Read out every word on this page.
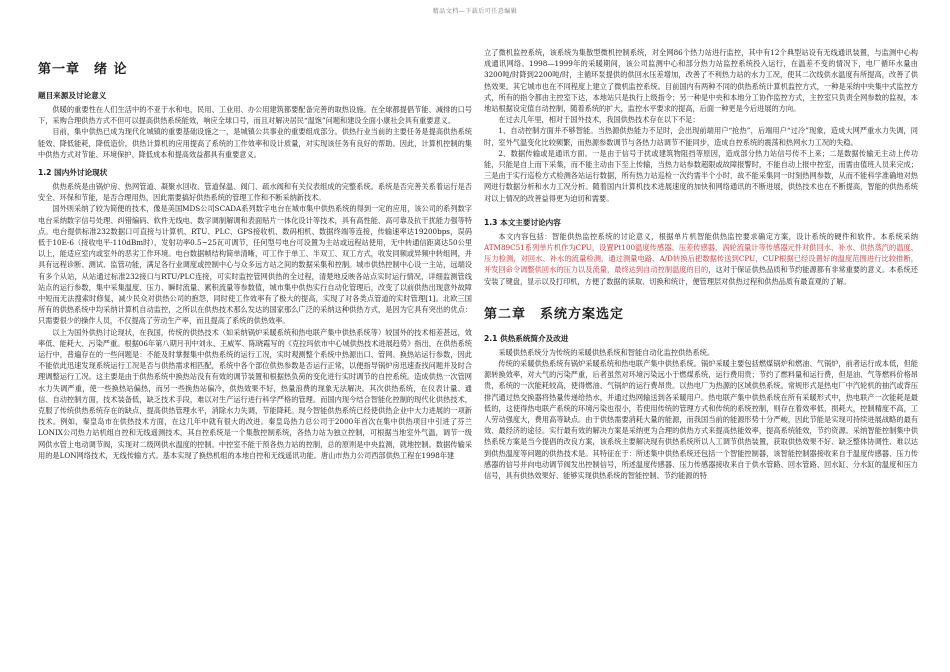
精品文档—下载后可任意编辑
第一章 绪 论
题目来源及讨论意义

供暖的重要性在人们生活中的不亚于水和电，民用、工业用、办公用建筑都要配备完善的取热设施。在全球都提倡节能、减排的口号下，采购合理供热方式不但可以提高供热系统能效，响应全球口号，而且对解决居民“温饱”问题和建设全面小康社会具有重要意义。

目前，集中供热已成为现代化城镇的重要基础设施之一，是城镇公共事业的重要组成部分。供热行业当前的主要任务是提高供热系统能效、降低能耗，降低造价，供热计算机的应用提高了系统的工作效率和设计质量，对实现该任务有良好的帮助。因此，计算机控制的集中供热方式对节能、环境保护、降低成本和提高效益都具有重要意义。

1.2 国内外讨论现状

供热系统是由锅炉房、热网管道、凝聚水回收、管道保温、阀门、疏水阀和有关仪表组成的完整系统。系统是否完善关系着运行是否安全、环保和节能，是否合理用热，因此需要搞好供热系统的管理工作和不断采纳新技术。

国外则采纳了较为简便的技术，像是美国MDS公司SCADA系列数字电台在城市集中供热系统的得到一定的应用，该公司的系列数字电台采纳数字信号处理、纠错编码、软件无线电、数字调制解调和表面贴片一体化设计等技术，具有高性能、高可靠及抗干扰能力强等特点。电台提供标准232数据口可直接与计算机、RTU、PLC、GPS接收机、数码相机、数据终端等连接，传输速率达19200bps，误码低于10E-6（接收电平-110dBm时），发射功率0.5~25瓦可调节，任何型号电台可设置为主站或远程站使用，无中转通信距离达50公里以上，能适应室内或室外的恶劣工作环境。电台数据帧结构简单清晰，可工作于单工、半双工、双工方式，收发同频或异频中转组网，并具有远程诊断、测试、监管功能，满足各行业调度或控制中心与众多远方站之间的数据采集和控制。城市供热控制中心设一主站，远端设有多个从站，从站通过标准232接口与RTU/PLC连接，可实时监控管网供热的全过程，清楚地反映各站点实时运行情况，详细监测管线站点的运行参数，集中采集温度、压力、瞬时流量、累积流量等参数值，城市集中供热实行自动化管理后，改变了以前供热出现意外故障中短而无法搜索时修复，减少民众对供热公司的抱怨，同时使工作效率有了极大的提高，实现了对各类点管道的实时管理[1]。北欧三国所有的供热系统中均采纳计算机自动监控，之所以在供热技术那么发达的国家那么广泛的采纳这种供热方式，是因为它具有突出的优点：只需要很少的操作人员，不仅提高了劳动生产率，而且提高了系统的供热效率。

以上为国外供热讨论现状，在我国，传统的供热技术（如采纳锅炉采暖系统和热电联产集中供热系统等）较国外的技术相差甚远，效率低、能耗大、污染严重。根据06年第八期月刊中刘永、王威军、陈晓霞写的《克拉玛依市中心城供热技术进展趋势》指出，在供热系统运行中，普遍存在的一些问题是：不能及时掌握集中供热系统的运行工况，实时观测整个系统中热源出口、管网、换热站运行参数，因此不能依此迅速发现系统运行工况是否与供热需求相匹配，系统中各个部位供热参数是否运行正常，以便指导锅炉房迅速查找问题并及时合理调整运行工况。这主要是由于供热系统中换热站没有有效的调节装置和根据热负荷的变化进行实时调节的自控系统。造成供热一次管网水力失调严重，使一些换热站偏热，而另一些换热站偏冷，供热效果不好，热量浪费的现象无法解决。其次供热系统，在仪表计量、通信、自动控制方面，技术装备低，缺乏技术手段，难以对生产运行进行科学严格的管理。而国内现今结合智能化控制的现代化供热技术，克服了传统供热系统存在的缺点，提高供热管理水平，消除水力失调，节能降耗。现今智能供热系统已经使供热企业中大力进展的一项新技术。例如，秦皇岛市在供热技术方面，在这几年中就有很大的改进。秦皇岛热力总公司于2000年首次在集中供热项目中引进了芬兰LONIX公司热力站机组自控和无线遥测技术，其自控系统是一个集散控制系统，各热力站为独立控制，可根据当地室外气温，调节一级网供水管上电动调节阀，实现对二级网供水温度的控制。中控室不能干预各热力站的控制，总的原则是中央监测，就地控制。数据传输采用的是LON网络技术，无线传输方式。基本实现了换热机组的本地自控和无线遥讯功能。唐山市热力公司西部供热工程在1998年建

立了微机监控系统，该系统为集散型微机控制系统，对全网86个热力站进行监控，其中有12个典型站设有无线通讯装置，与监测中心构成通讯网络。1998—1999年的采暖期间，该公司监测中心和部分热力站监控系统投入运行，在温差不变的情况下，电厂循环水量由3200吨/时降到2200吨/时，主循环泵提供的供回水压差增加，改善了不利热力站的水力工况，使其二次线供水温度有所提高，改善了供热效果。其它城市也在不同程度上建立了微机监控系统。目前国内有两种不同的供热系统计算机监控方式，一种是采纳中央集中式监控方式，所有的指令都由主控室下达，本地站只是执行上级指令；另一种是中央和本地分工协作监控方式，主控室只负责全网参数的监视，本地站根据设定值自动控制，随着系统的扩大，监控水平要求的提高，后面一种更是今后进展的方向。

在过去几年里，相对于国外技术，我国供热技术存在以下不足：

1、自动控制方面并不够智能。当热源供热能力不足时，会出现前端用户“抢热”，后端用户“过冷”现象，造成大网严重水力失调，同时，室外气温变化比较频繁，而热源参数调节与各热力站调节不能同步，造成自控系统的震荡和热网水力工况的失稳。

2、数据传输或是通讯方面。一是由于信号于扰或建筑物阻挡等原因，造成部分热力站信号传不上来；二是数据传输无主动上传功能，只能是自上而下采集，而不能主动由下至上传输，当热力站参数超限或故障报警时，不能自动上报中控室，而需由值班人员来完成；三是由于实行巡检方式检测各站运行数据，所有热力站巡检一次约需半个小时，故不能采集同一时刻热网参数，从而不能科学准确地对热网进行数据分析和水力工况分析。随着国内计算机技术进展速度的加快和网络通讯的不断进展，供热技术也在不断提高，智能的供热系统对以上情况的改善益得更为迫切和需要。

1.3 本文主要讨论内容

本文内容包括：智能供热监控系统的讨论意义，根据单片机智能供热监控要求确定方案，设计系统的硬件和软件。本系统采纳ATM89C51系列单片机作为CPU，设置Pt100温度传感器、压差传感器、涡轮流量计等传感器元件对供回水、补水、供热蒸汽的温度、压力检测，对回水、补水的流量检测，通过测量电路、A/D转换后把数据传送到CPU，CUP根据已经设置好的温度范围进行比较推断，并发回命令调整供回水的压力以及流量，最终达到自动控制温度的目的，这对于保证供热品质和节约能源都有非常重要的意义。本系统还安装了键盘，显示以及打印机，方便了数据的读取、切换和统计，便管理层对供热过程和供热品质有最直观的了解。

第二章 系统方案选定
2.1 供热系统简介及改进

采暖供热系统分为传统的采暖供热系统和智能自动化监控供热系统。

传统的采暖供热系统有锅炉采暖系统和热电联产集中供热系统。锅炉采暖主要包括燃煤锅炉和燃油、气锅炉，前者运行成本低，但能源转换效率，对大气的污染严重，后者虽然对环境污染远小于燃煤系统，运行费用贵；节约了燃料量和运行费，但是油、气等燃料价格昂贵，系统的一次能耗较高，使得燃油、气锅炉的运行费昂贵。以热电厂为热源的区域供热系统。常规形式是热电厂中汽轮机的抽汽或背压排汽通过热交换器将热量传递给热水，并通过热网输送到各采暖用户。热电联产集中供热系统在所有采暖形式中，热电联产一次能耗是最低的，这使得热电联产系统的环境污染也很小，若使用传统的管理方式和传统的系统控制，则存在着效率低，损耗大，控制精度不高，工人劳动强度大，费用高等缺点。由于供热需要消耗大量的能源，而我国当前的能源形势十分严峻，因此节能是实现可持续进展战略的最有效、最经济的途径。实行最有效的解决方案是采纳更为合理的供热方式来提高热能效率，提高系统能效，节约资源。采纳智能控制集中供热系统方案是当今提倡的改良方案，该系统主要解决现有供热系统所以人工调节供热装置，获取供热效果不好、缺乏整体协调性、难以达到供热温度等问题的供热技术是。其特征在于：所述集中供热系统还包括一个智能控制器，该智能控制器接收来自于温度传感器、压力传感器的信号并向电动调节阀发出控制信号，所述温度传感器、压力传感器接收来自于供水管路、回水管路、回水缸、分水缸的温度和压力信号，具有供热效果好、能够实现供热系统的智能控制、节约能源的特
